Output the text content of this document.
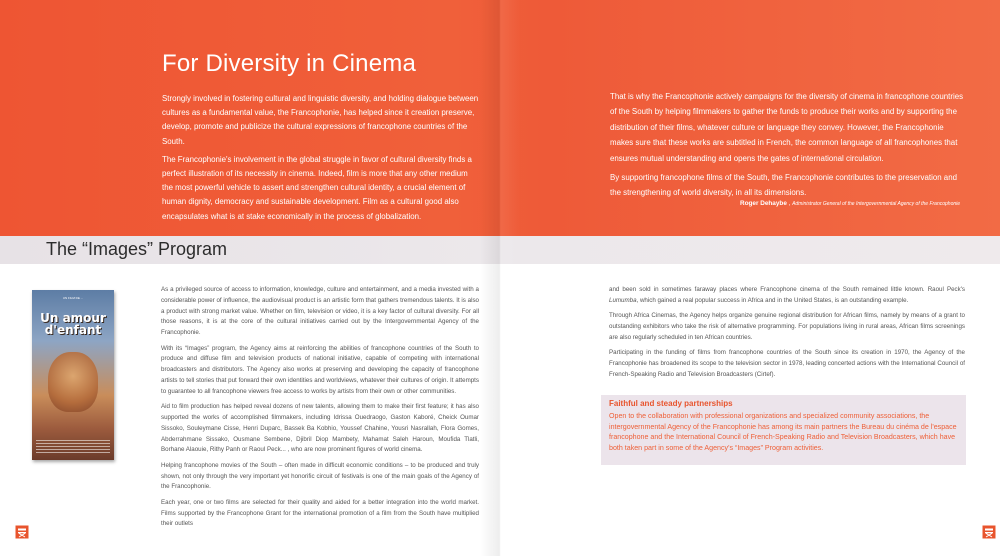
For Diversity in Cinema

Strongly involved in fostering cultural and linguistic diversity, and holding dialogue between cultures as a fundamental value, the Francophonie, has helped since it creation preserve, develop, promote and publicize the cultural expressions of francophone countries of the South.

The Francophonie's involvement in the global struggle in favor of cultural diversity finds a perfect illustration of its necessity in cinema. Indeed, film is more that any other medium the most powerful vehicle to assert and strengthen cultural identity, a crucial element of human dignity, democracy and sustainable development. Film as a cultural good also encapsulates what is at stake economically in the process of globalization.

That is why the Francophonie actively campaigns for the diversity of cinema in francophone countries of the South by helping filmmakers to gather the funds to produce their works and by supporting the distribution of their films, whatever culture or language they convey. However, the Francophonie makes sure that these works are subtitled in French, the common language of all francophones that ensures mutual understanding and opens the gates of international circulation.

By supporting francophone films of the South, the Francophonie contributes to the preservation and the strengthening of world diversity, in all its dimensions.

Roger Dehaybe , Administrator General of the Intergovernmental Agency of the Francophonie
The “Images” Program
UN FILM DE ...
Un amour d'enfant

As a privileged source of access to information, knowledge, culture and entertainment, and a media invested with a considerable power of influence, the audiovisual product is an artistic form that gathers tremendous talents. It is also a product with strong market value. Whether on film, television or video, it is a key factor of cultural diversity. For all those reasons, it is at the core of the cultural initiatives carried out by the Intergovernmental Agency of the Francophonie.

With its “Images” program, the Agency aims at reinforcing the abilities of francophone countries of the South to produce and diffuse film and television products of national initiative, capable of competing with international broadcasters and distributors. The Agency also works at preserving and developing the capacity of francophone artists to tell stories that put forward their own identities and worldviews, whatever their cultures of origin. It attempts to guarantee to all francophone viewers free access to works by artists from their own or other communities.

Aid to film production has helped reveal dozens of new talents, allowing them to make their first feature; it has also supported the works of accomplished filmmakers, including Idrissa Ouedraogo, Gaston Kaboré, Cheick Oumar Sissoko, Souleymane Cisse, Henri Duparc, Bassek Ba Kobhio, Youssef Chahine, Yousri Nasrallah, Flora Gomes, Abderrahmane Sissako, Ousmane Sembene, Djibril Diop Mambety, Mahamat Saleh Haroun, Moufida Tlatli, Borhane Alaouie, Rithy Panh or Raoul Peck... , who are now prominent figures of world cinema.

Helping francophone movies of the South – often made in difficult economic conditions – to be produced and truly shown, not only through the very important yet honorific circuit of festivals is one of the main goals of the Agency of the Francophonie.

Each year, one or two films are selected for their quality and aided for a better integration into the world market. Films supported by the Francophone Grant for the international promotion of a film from the South have multiplied their outlets

and been sold in sometimes faraway places where Francophone cinema of the South remained little known. Raoul Peck's Lumumba, which gained a real popular success in Africa and in the United States, is an outstanding example.

Through Africa Cinemas, the Agency helps organize genuine regional distribution for African films, namely by means of a grant to outstanding exhibitors who take the risk of alternative programming. For populations living in rural areas, African films screenings are also regularly scheduled in ten African countries.

Participating in the funding of films from francophone countries of the South since its creation in 1970, the Agency of the Francophonie has broadened its scope to the television sector in 1978, leading concerted actions with the International Council of French-Speaking Radio and Television Broadcasters (Cirtef).

Faithful and steady partnerships

Open to the collaboration with professional organizations and specialized community associations, the intergovernmental Agency of the Francophonie has among its main partners the Bureau du cinéma de l'espace francophone and the International Council of French-Speaking Radio and Television Broadcasters, which have both taken part in some of the Agency's “Images” Program activities.
